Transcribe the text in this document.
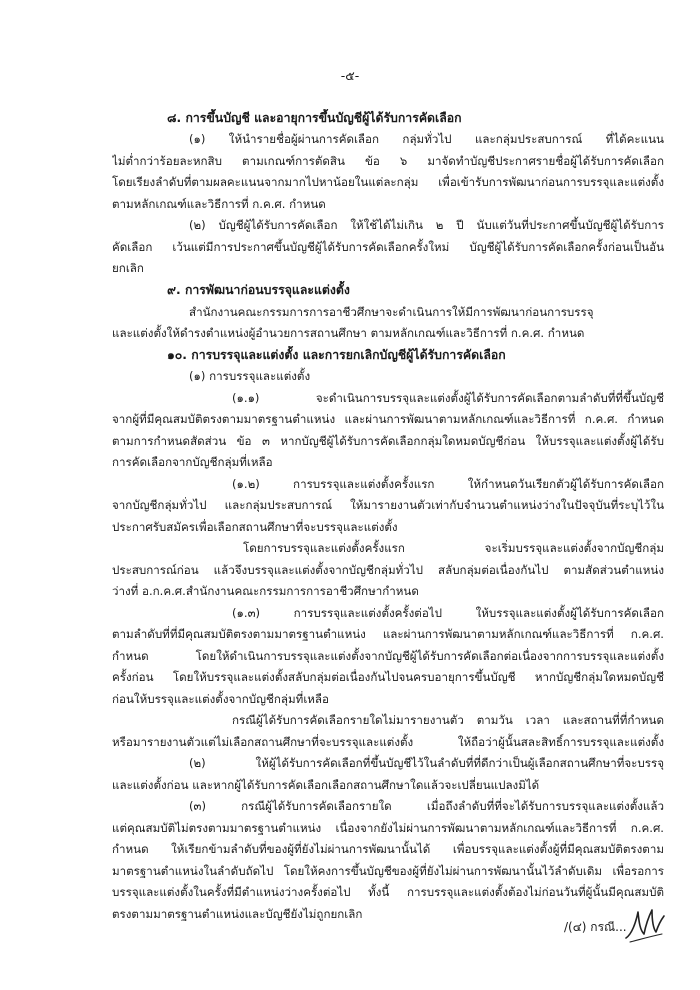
-๕-
๘. การขึ้นบัญชี และอายุการขึ้นบัญชีผู้ได้รับการคัดเลือก
(๑) ให้นำรายชื่อผู้ผ่านการคัดเลือก กลุ่มทั่วไป และกลุ่มประสบการณ์ ที่ได้คะแนน
ไม่ต่ำกว่าร้อยละหกสิบ ตามเกณฑ์การตัดสิน ข้อ ๖ มาจัดทำบัญชีประกาศรายชื่อผู้ได้รับการคัดเลือก
โดยเรียงลำดับที่ตามผลคะแนนจากมากไปหาน้อยในแต่ละกลุ่ม เพื่อเข้ารับการพัฒนาก่อนการบรรจุและแต่งตั้ง
ตามหลักเกณฑ์และวิธีการที่ ก.ค.ศ. กำหนด
(๒) บัญชีผู้ได้รับการคัดเลือก ให้ใช้ได้ไม่เกิน ๒ ปี นับแต่วันที่ประกาศขึ้นบัญชีผู้ได้รับการ
คัดเลือก เว้นแต่มีการประกาศขึ้นบัญชีผู้ได้รับการคัดเลือกครั้งใหม่ บัญชีผู้ได้รับการคัดเลือกครั้งก่อนเป็นอัน
ยกเลิก
๙. การพัฒนาก่อนบรรจุและแต่งตั้ง
สำนักงานคณะกรรมการการอาชีวศึกษาจะดำเนินการให้มีการพัฒนาก่อนการบรรจุ
และแต่งตั้งให้ดำรงตำแหน่งผู้อำนวยการสถานศึกษา ตามหลักเกณฑ์และวิธีการที่ ก.ค.ศ. กำหนด
๑๐. การบรรจุและแต่งตั้ง และการยกเลิกบัญชีผู้ได้รับการคัดเลือก
(๑) การบรรจุและแต่งตั้ง
(๑.๑) จะดำเนินการบรรจุและแต่งตั้งผู้ได้รับการคัดเลือกตามลำดับที่ที่ขึ้นบัญชี
จากผู้ที่มีคุณสมบัติตรงตามมาตรฐานตำแหน่ง และผ่านการพัฒนาตามหลักเกณฑ์และวิธีการที่ ก.ค.ศ. กำหนด
ตามการกำหนดสัดส่วน ข้อ ๓ หากบัญชีผู้ได้รับการคัดเลือกกลุ่มใดหมดบัญชีก่อน ให้บรรจุและแต่งตั้งผู้ได้รับ
การคัดเลือกจากบัญชีกลุ่มที่เหลือ
(๑.๒) การบรรจุและแต่งตั้งครั้งแรก ให้กำหนดวันเรียกตัวผู้ได้รับการคัดเลือก
จากบัญชีกลุ่มทั่วไป และกลุ่มประสบการณ์ ให้มารายงานตัวเท่ากับจำนวนตำแหน่งว่างในปัจจุบันที่ระบุไว้ใน
ประกาศรับสมัครเพื่อเลือกสถานศึกษาที่จะบรรจุและแต่งตั้ง
โดยการบรรจุและแต่งตั้งครั้งแรก จะเริ่มบรรจุและแต่งตั้งจากบัญชีกลุ่ม
ประสบการณ์ก่อน แล้วจึงบรรจุและแต่งตั้งจากบัญชีกลุ่มทั่วไป สลับกลุ่มต่อเนื่องกันไป ตามสัดส่วนตำแหน่ง
ว่างที่ อ.ก.ค.ศ.สำนักงานคณะกรรมการการอาชีวศึกษากำหนด
(๑.๓) การบรรจุและแต่งตั้งครั้งต่อไป ให้บรรจุและแต่งตั้งผู้ได้รับการคัดเลือก
ตามลำดับที่ที่มีคุณสมบัติตรงตามมาตรฐานตำแหน่ง และผ่านการพัฒนาตามหลักเกณฑ์และวิธีการที่ ก.ค.ศ.
กำหนด โดยให้ดำเนินการบรรจุและแต่งตั้งจากบัญชีผู้ได้รับการคัดเลือกต่อเนื่องจากการบรรจุและแต่งตั้ง
ครั้งก่อน โดยให้บรรจุและแต่งตั้งสลับกลุ่มต่อเนื่องกันไปจนครบอายุการขึ้นบัญชี หากบัญชีกลุ่มใดหมดบัญชี
ก่อนให้บรรจุและแต่งตั้งจากบัญชีกลุ่มที่เหลือ
กรณีผู้ได้รับการคัดเลือกรายใดไม่มารายงานตัว ตามวัน เวลา และสถานที่ที่กำหนด
หรือมารายงานตัวแต่ไม่เลือกสถานศึกษาที่จะบรรจุและแต่งตั้ง ให้ถือว่าผู้นั้นสละสิทธิ์การบรรจุและแต่งตั้ง
(๒) ให้ผู้ได้รับการคัดเลือกที่ขึ้นบัญชีไว้ในลำดับที่ที่ดีกว่าเป็นผู้เลือกสถานศึกษาที่จะบรรจุ
และแต่งตั้งก่อน และหากผู้ได้รับการคัดเลือกเลือกสถานศึกษาใดแล้วจะเปลี่ยนแปลงมิได้
(๓) กรณีผู้ได้รับการคัดเลือกรายใด เมื่อถึงลำดับที่ที่จะได้รับการบรรจุและแต่งตั้งแล้ว
แต่คุณสมบัติไม่ตรงตามมาตรฐานตำแหน่ง เนื่องจากยังไม่ผ่านการพัฒนาตามหลักเกณฑ์และวิธีการที่ ก.ค.ศ.
กำหนด ให้เรียกข้ามลำดับที่ของผู้ที่ยังไม่ผ่านการพัฒนานั้นได้ เพื่อบรรจุและแต่งตั้งผู้ที่มีคุณสมบัติตรงตาม
มาตรฐานตำแหน่งในลำดับถัดไป โดยให้คงการขึ้นบัญชีของผู้ที่ยังไม่ผ่านการพัฒนานั้นไว้ลำดับเดิม เพื่อรอการ
บรรจุและแต่งตั้งในครั้งที่มีตำแหน่งว่างครั้งต่อไป ทั้งนี้ การบรรจุและแต่งตั้งต้องไม่ก่อนวันที่ผู้นั้นมีคุณสมบัติ
ตรงตามมาตรฐานตำแหน่งและบัญชียังไม่ถูกยกเลิก
/(๔) กรณี...
